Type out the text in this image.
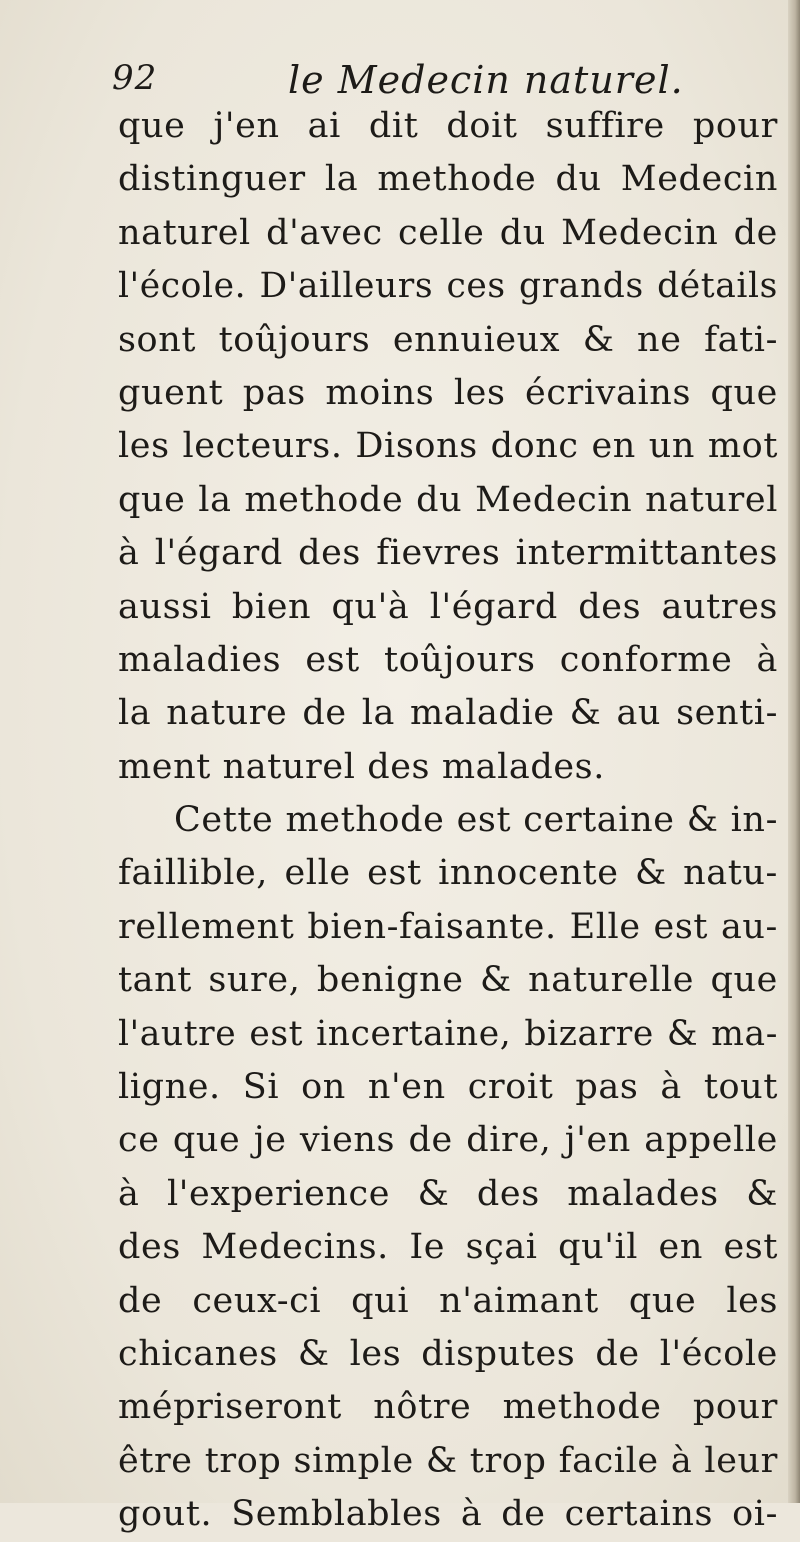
92	le Medecin naturel.
que j'en ai dit doit suffire pour
distinguer la methode du Medecin
naturel d'avec celle du Medecin de
l'école. D'ailleurs ces grands détails
sont toûjours ennuieux & ne fati-
guent pas moins les écrivains que
les lecteurs. Disons donc en un mot
que la methode du Medecin naturel
à l'égard des fievres intermittantes
aussi bien qu'à l'égard des autres
maladies est toûjours conforme à
la nature de la maladie & au senti-
ment naturel des malades.
Cette methode est certaine & in-
faillible, elle est innocente & natu-
rellement bien-faisante. Elle est au-
tant sure, benigne & naturelle que
l'autre est incertaine, bizarre & ma-
ligne. Si on n'en croit pas à tout
ce que je viens de dire, j'en appelle
à l'experience & des malades &
des Medecins. Ie sçai qu'il en est
de ceux-ci qui n'aimant que les
chicanes & les disputes de l'école
mépriseront nôtre methode pour
être trop simple & trop facile à leur
gout. Semblables à de certains oi-
